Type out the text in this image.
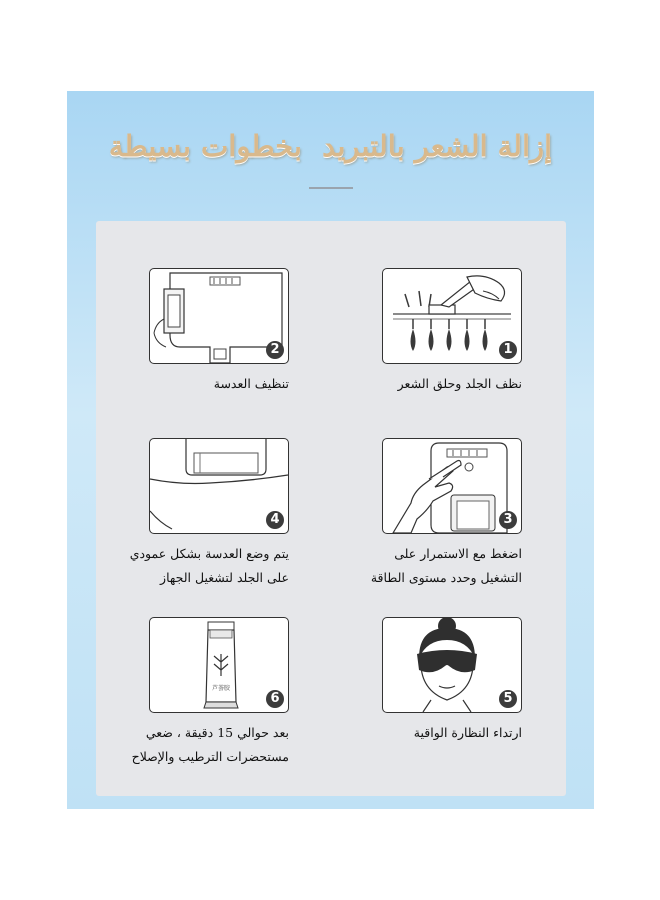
إزالة الشعر بالتبريد  بخطوات بسيطة
1
نظف الجلد وحلق الشعر
2
تنظيف العدسة
3
اضغط مع الاستمرار على
التشغيل وحدد مستوى الطاقة
4
يتم وضع العدسة بشكل عمودي
على الجلد لتشغيل الجهاز
5
ارتداء النظارة الواقية
芦荟胶
6
بعد حوالي 15 دقيقة ، ضعي
مستحضرات الترطيب والإصلاح
